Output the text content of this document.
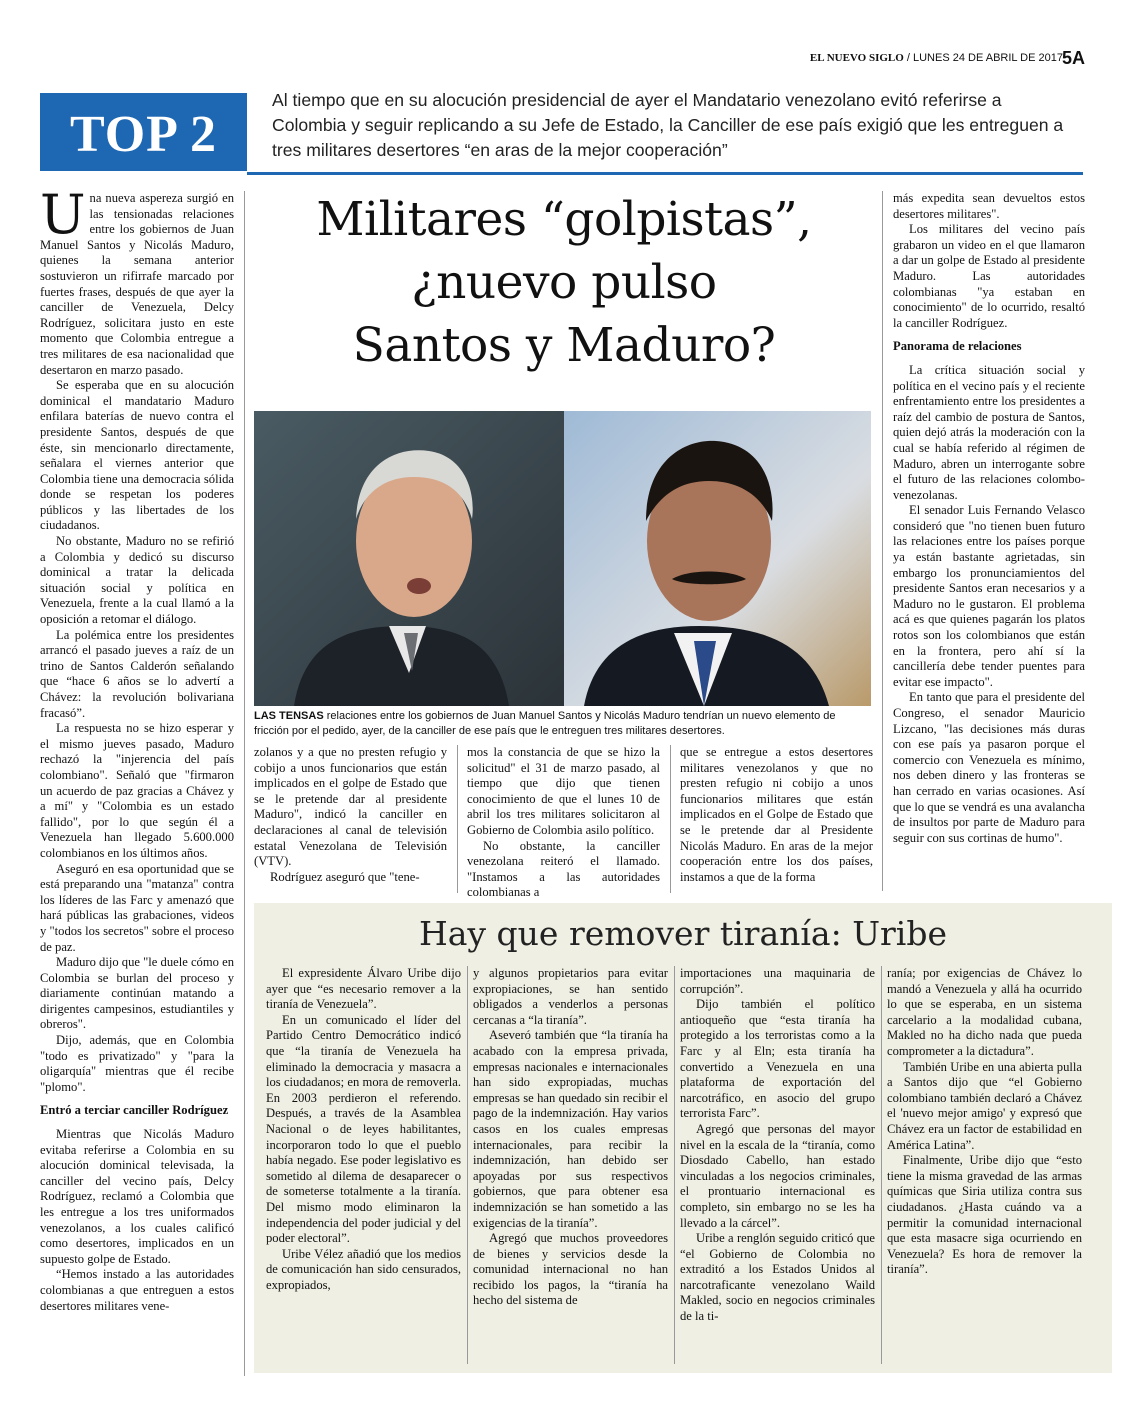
EL NUEVO SIGLO / LUNES 24 DE ABRIL DE 2017
5A
TOP 2
Al tiempo que en su alocución presidencial de ayer el Mandatario venezolano evitó referirse a Colombia y seguir replicando a su Jefe de Estado, la Canciller de ese país exigió que les entreguen a tres militares desertores “en aras de la mejor cooperación”

Una nueva aspereza surgió en las tensionadas relaciones entre los gobiernos de Juan Manuel Santos y Nicolás Maduro, quienes la semana anterior sostuvieron un rifirrafe marcado por fuertes frases, después de que ayer la canciller de Venezuela, Delcy Rodríguez, solicitara justo en este momento que Colombia entregue a tres militares de esa nacionalidad que desertaron en marzo pasado.

Se esperaba que en su alocución dominical el mandatario Maduro enfilara baterías de nuevo contra el presidente Santos, después de que éste, sin mencionarlo directamente, señalara el viernes anterior que Colombia tiene una democracia sólida donde se respetan los poderes públicos y las libertades de los ciudadanos.

No obstante, Maduro no se refirió a Colombia y dedicó su discurso dominical a tratar la delicada situación social y política en Venezuela, frente a la cual llamó a la oposición a retomar el diálogo.

La polémica entre los presidentes arrancó el pasado jueves a raíz de un trino de Santos Calderón señalando que “hace 6 años se lo advertí a Chávez: la revolución bolivariana fracasó”.

La respuesta no se hizo esperar y el mismo jueves pasado, Maduro rechazó la "injerencia del país colombiano". Señaló que "firmaron un acuerdo de paz gracias a Chávez y a mí" y "Colombia es un estado fallido", por lo que según él a Venezuela han llegado 5.600.000 colombianos en los últimos años.

Aseguró en esa oportunidad que se está preparando una "matanza" contra los líderes de las Farc y amenazó que hará públicas las grabaciones, videos y "todos los secretos" sobre el proceso de paz.

Maduro dijo que "le duele cómo en Colombia se burlan del proceso y diariamente continúan matando a dirigentes campesinos, estudiantiles y obreros".

Dijo, además, que en Colombia "todo es privatizado" y "para la oligarquía" mientras que él recibe "plomo".

Entró a terciar canciller Rodríguez

Mientras que Nicolás Maduro evitaba referirse a Colombia en su alocución dominical televisada, la canciller del vecino país, Delcy Rodríguez, reclamó a Colombia que les entregue a los tres uniformados venezolanos, a los cuales calificó como desertores, implicados en un supuesto golpe de Estado.

“Hemos instado a las autoridades colombianas a que entreguen a estos desertores militares vene-

Militares “golpistas”,
¿nuevo pulso
Santos y Maduro?
LAS TENSAS relaciones entre los gobiernos de Juan Manuel Santos y Nicolás Maduro tendrían un nuevo elemento de fricción por el pedido, ayer, de la canciller de ese país que le entreguen tres militares desertores.

zolanos y a que no presten refugio y cobijo a unos funcionarios que están implicados en el golpe de Estado que se le pretende dar al presidente Maduro", indicó la canciller en declaraciones al canal de televisión estatal Venezolana de Televisión (VTV).

Rodríguez aseguró que "tene-

mos la constancia de que se hizo la solicitud" el 31 de marzo pasado, al tiempo que dijo que tienen conocimiento de que el lunes 10 de abril los tres militares solicitaron al Gobierno de Colombia asilo político.

No obstante, la canciller venezolana reiteró el llamado. "Instamos a las autoridades colombianas a

que se entregue a estos desertores militares venezolanos y que no presten refugio ni cobijo a unos funcionarios militares que están implicados en el Golpe de Estado que se le pretende dar al Presidente Nicolás Maduro. En aras de la mejor cooperación entre los dos países, instamos a que de la forma

más expedita sean devueltos estos desertores militares".

Los militares del vecino país grabaron un video en el que llamaron a dar un golpe de Estado al presidente Maduro. Las autoridades colombianas "ya estaban en conocimiento" de lo ocurrido, resaltó la canciller Rodríguez.

Panorama de relaciones

La crítica situación social y política en el vecino país y el reciente enfrentamiento entre los presidentes a raíz del cambio de postura de Santos, quien dejó atrás la moderación con la cual se había referido al régimen de Maduro, abren un interrogante sobre el futuro de las relaciones colombo-venezolanas.

El senador Luis Fernando Velasco consideró que "no tienen buen futuro las relaciones entre los países porque ya están bastante agrietadas, sin embargo los pronunciamientos del presidente Santos eran necesarios y a Maduro no le gustaron. El problema acá es que quienes pagarán los platos rotos son los colombianos que están en la frontera, pero ahí sí la cancillería debe tender puentes para evitar ese impacto".

En tanto que para el presidente del Congreso, el senador Mauricio Lizcano, "las decisiones más duras con ese país ya pasaron porque el comercio con Venezuela es mínimo, nos deben dinero y las fronteras se han cerrado en varias ocasiones. Así que lo que se vendrá es una avalancha de insultos por parte de Maduro para seguir con sus cortinas de humo".

Hay que remover tiranía: Uribe

El expresidente Álvaro Uribe dijo ayer que “es necesario remover a la tiranía de Venezuela”.

En un comunicado el líder del Partido Centro Democrático indicó que “la tiranía de Venezuela ha eliminado la democracia y masacra a los ciudadanos; en mora de removerla. En 2003 perdieron el referendo. Después, a través de la Asamblea Nacional o de leyes habilitantes, incorporaron todo lo que el pueblo había negado. Ese poder legislativo es sometido al dilema de desaparecer o de someterse totalmente a la tiranía. Del mismo modo eliminaron la independencia del poder judicial y del poder electoral”.

Uribe Vélez añadió que los medios de comunicación han sido censurados, expropiados,

y algunos propietarios para evitar expropiaciones, se han sentido obligados a venderlos a personas cercanas a “la tiranía”.

Aseveró también que “la tiranía ha acabado con la empresa privada, empresas nacionales e internacionales han sido expropiadas, muchas empresas se han quedado sin recibir el pago de la indemnización. Hay varios casos en los cuales empresas internacionales, para recibir la indemnización, han debido ser apoyadas por sus respectivos gobiernos, que para obtener esa indemnización se han sometido a las exigencias de la tiranía”.

Agregó que muchos proveedores de bienes y servicios desde la comunidad internacional no han recibido los pagos, la “tiranía ha hecho del sistema de

importaciones una maquinaria de corrupción”.

Dijo también el político antioqueño que “esta tiranía ha protegido a los terroristas como a la Farc y al Eln; esta tiranía ha convertido a Venezuela en una plataforma de exportación del narcotráfico, en asocio del grupo terrorista Farc”.

Agregó que personas del mayor nivel en la escala de la “tiranía, como Diosdado Cabello, han estado vinculadas a los negocios criminales, el prontuario internacional es completo, sin embargo no se les ha llevado a la cárcel”.

Uribe a renglón seguido criticó que “el Gobierno de Colombia no extraditó a los Estados Unidos al narcotraficante venezolano Waild Makled, socio en negocios criminales de la ti-

ranía; por exigencias de Chávez lo mandó a Venezuela y allá ha ocurrido lo que se esperaba, en un sistema carcelario a la modalidad cubana, Makled no ha dicho nada que pueda comprometer a la dictadura”.

También Uribe en una abierta pulla a Santos dijo que “el Gobierno colombiano también declaró a Chávez el 'nuevo mejor amigo' y expresó que Chávez era un factor de estabilidad en América Latina”.

Finalmente, Uribe dijo que “esto tiene la misma gravedad de las armas químicas que Siria utiliza contra sus ciudadanos. ¿Hasta cuándo va a permitir la comunidad internacional que esta masacre siga ocurriendo en Venezuela? Es hora de remover la tiranía”.
